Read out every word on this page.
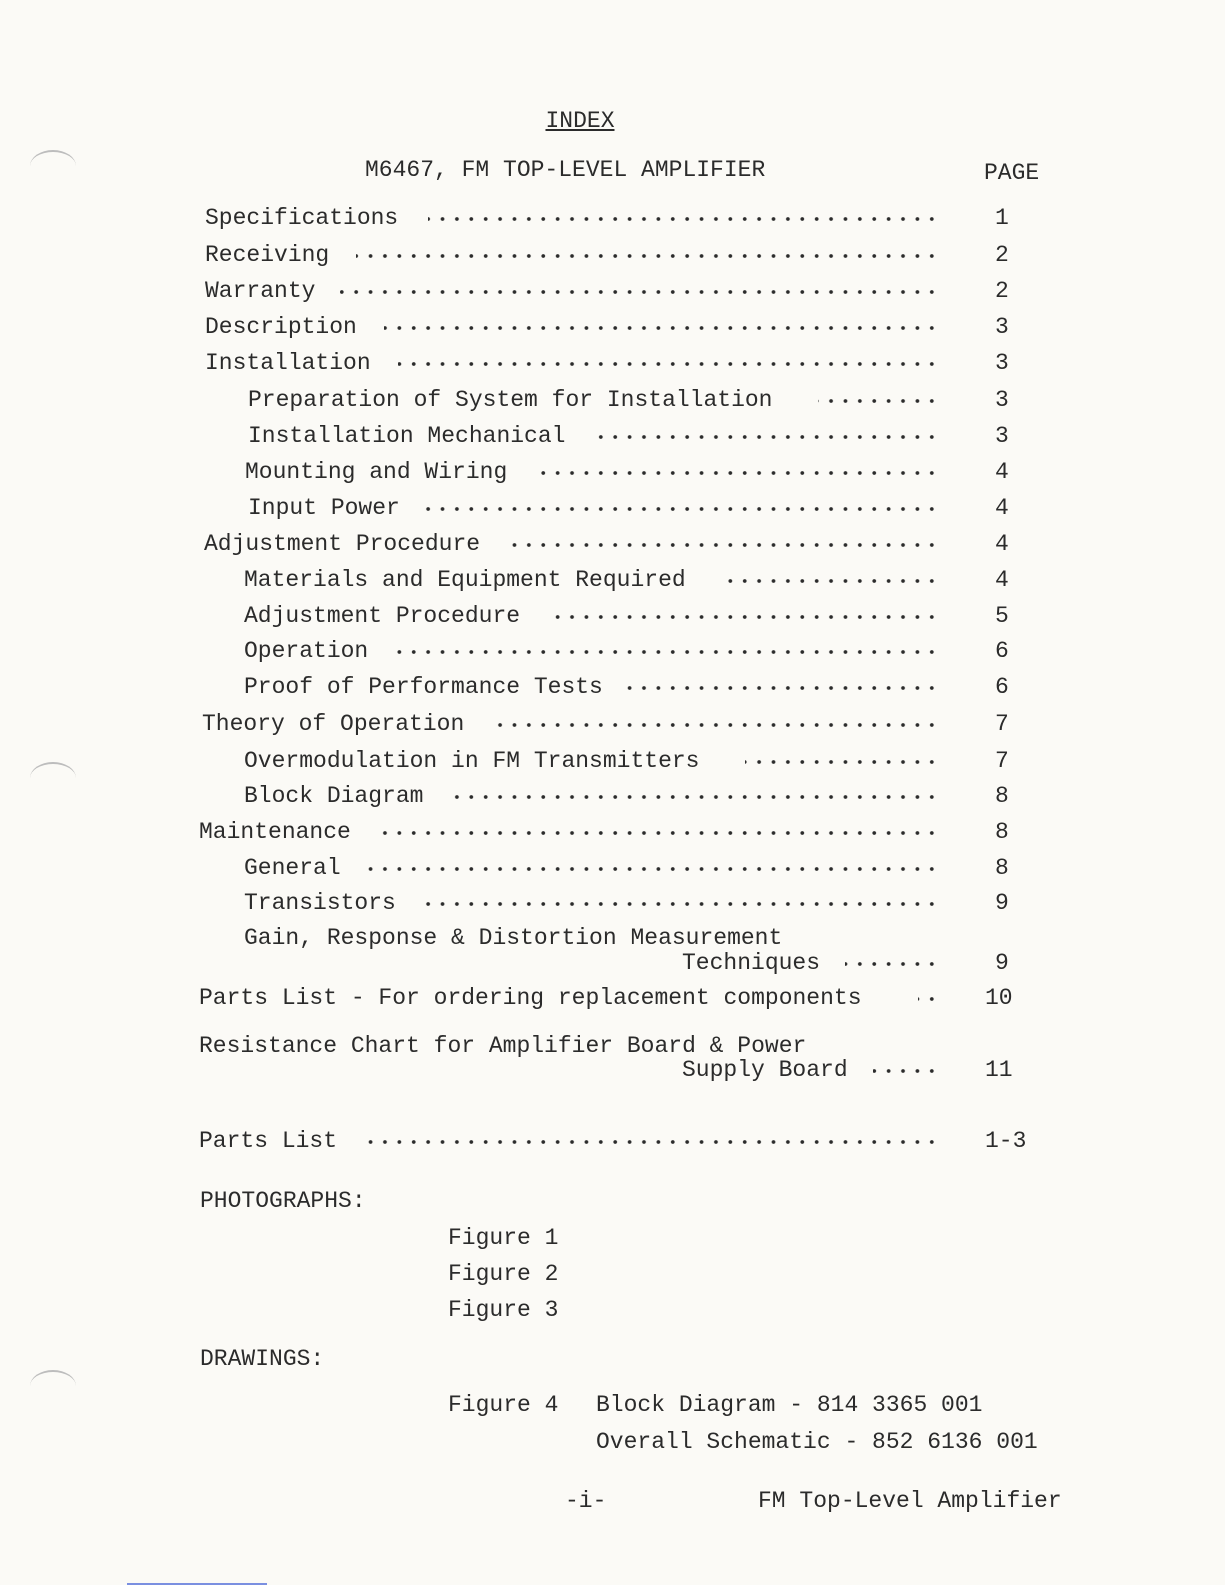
INDEX
M6467, FM TOP-LEVEL AMPLIFIER	PAGE
Specifications	1
Receiving	2
Warranty	2
Description	3
Installation	3
Preparation of System for Installation	3
Installation Mechanical	3
Mounting and Wiring	4
Input Power	4
Adjustment Procedure	4
Materials and Equipment Required	4
Adjustment Procedure	5
Operation	6
Proof of Performance Tests	6
Theory of Operation	7
Overmodulation in FM Transmitters	7
Block Diagram	8
Maintenance	8
General	8
Transistors	9
Gain, Response & Distortion Measurement
Techniques	9
Parts List - For ordering replacement components	10
Resistance Chart for Amplifier Board & Power
Supply Board	11
Parts List	1-3
PHOTOGRAPHS:
Figure 1
Figure 2
Figure 3
DRAWINGS:
Figure 4 Block Diagram - 814 3365 001
Overall Schematic - 852 6136 001
-i-	FM Top-Level Amplifier
